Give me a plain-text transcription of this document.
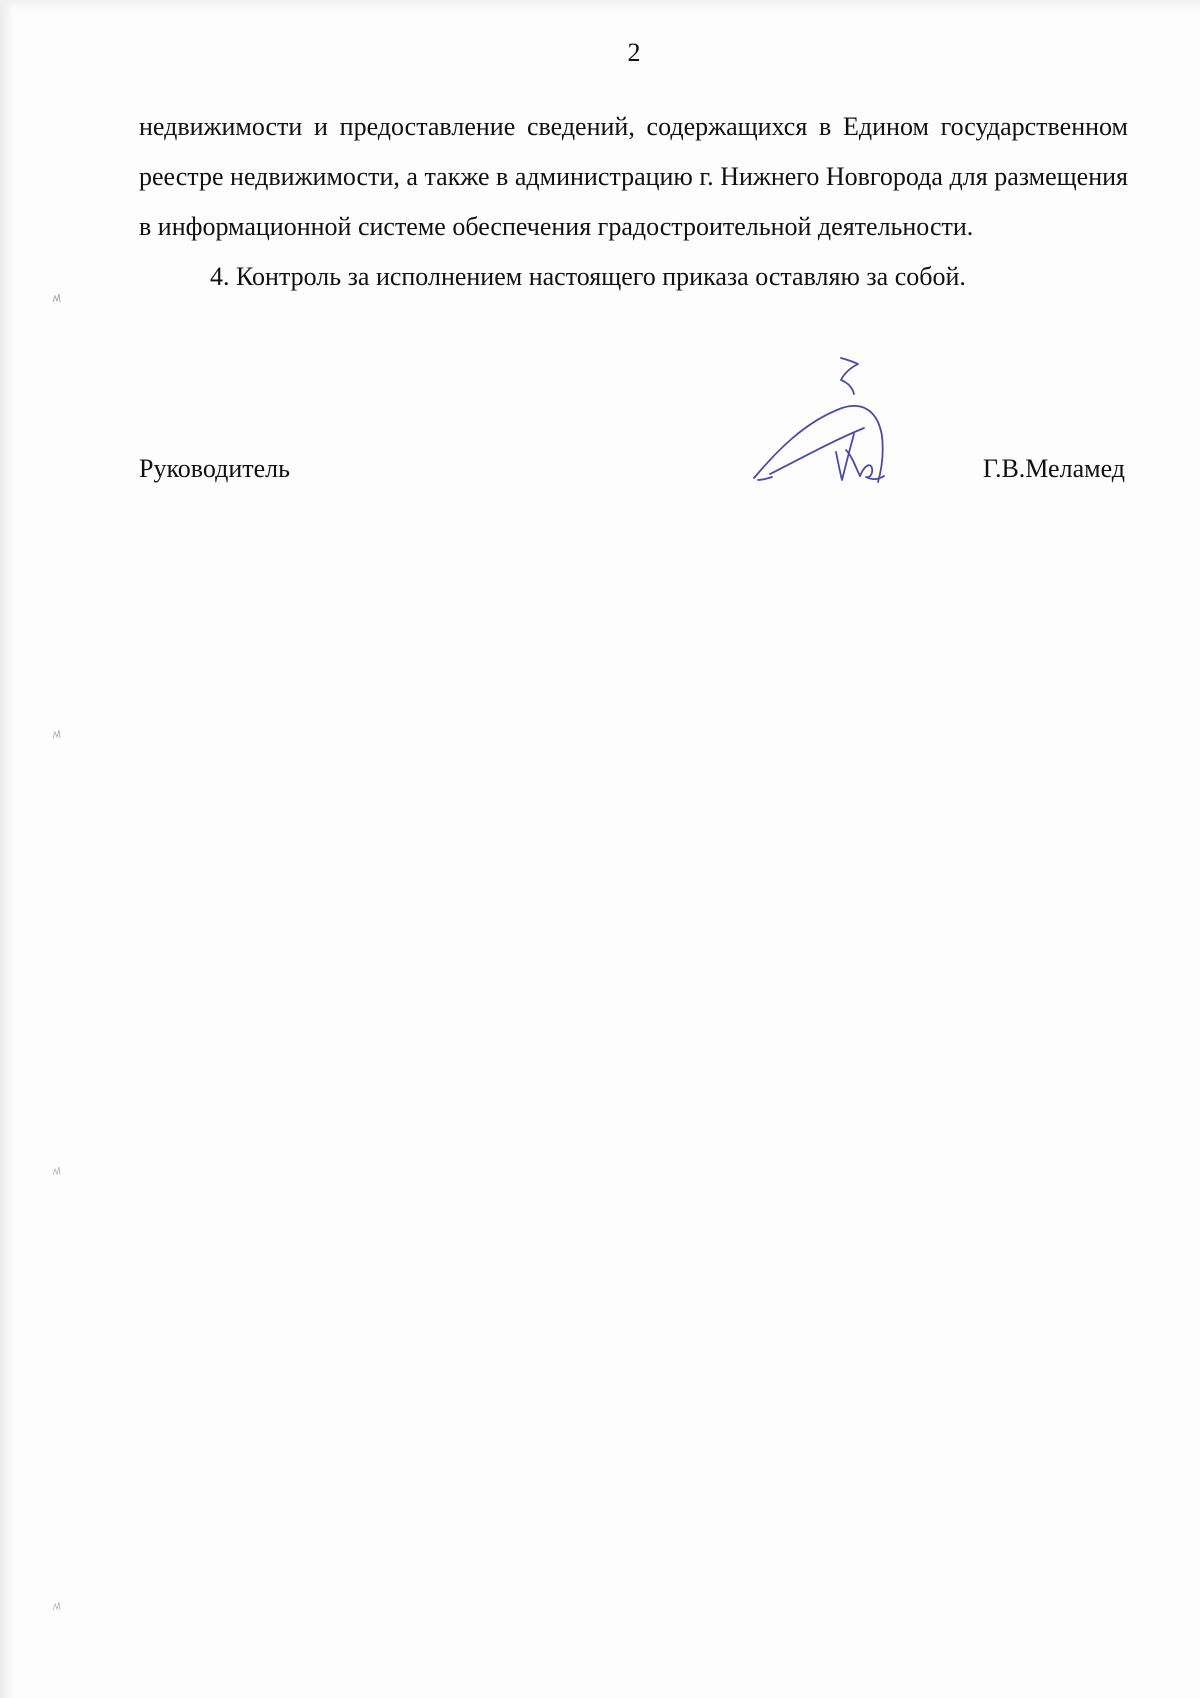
2

недвижимости и предоставление сведений, содержащихся в Едином государственном реестре недвижимости, а также в администрацию г. Нижнего Новгорода для размещения в информационной системе обеспечения градостроительной деятельности.

4. Контроль за исполнением настоящего приказа оставляю за собой.

Руководитель	Г.В.Меламед
